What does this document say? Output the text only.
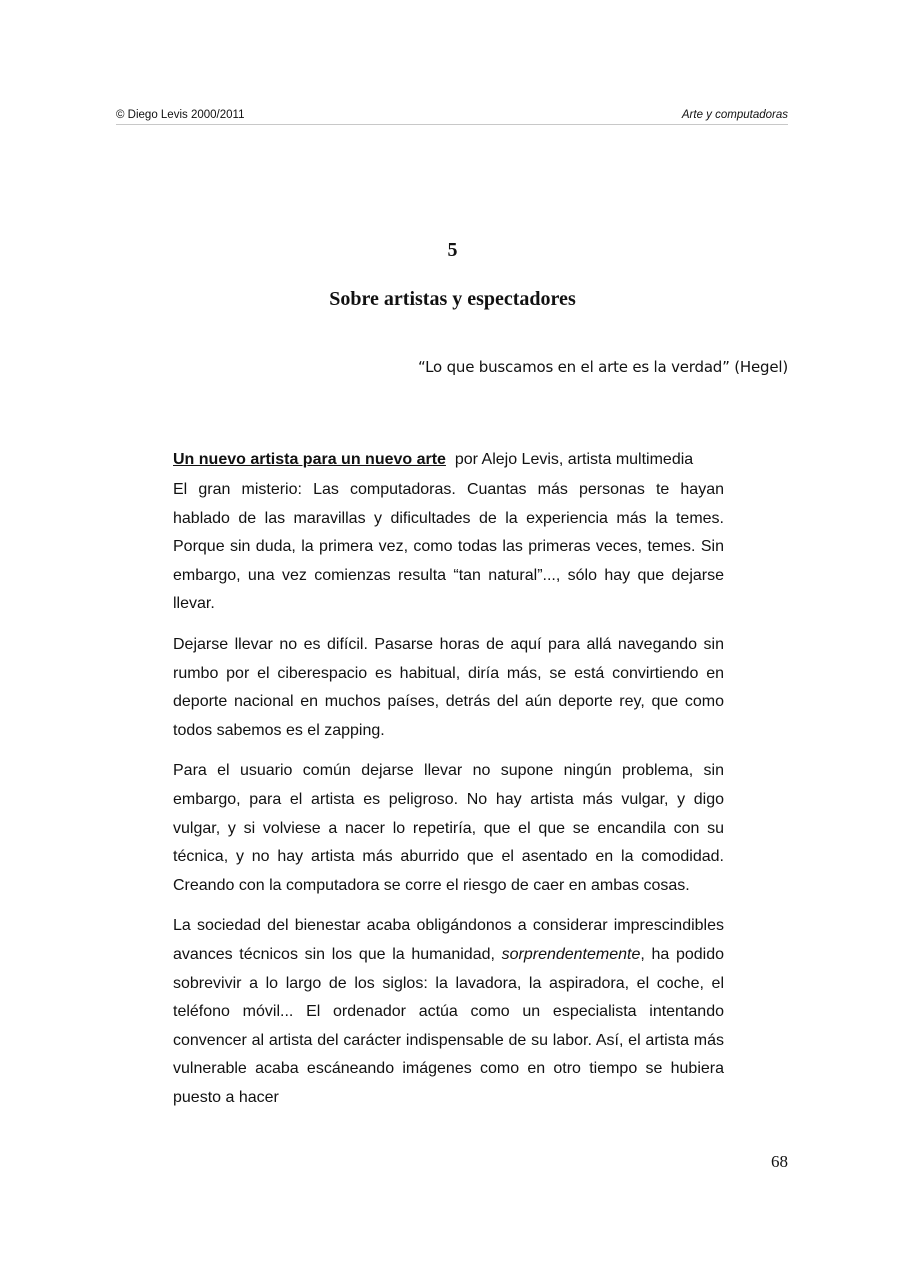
© Diego Levis 2000/2011	Arte y computadoras
5
Sobre artistas y espectadores
“Lo que buscamos en el arte es la verdad” (Hegel)
Un nuevo artista para un nuevo arte por Alejo Levis, artista multimedia

El gran misterio: Las computadoras. Cuantas más personas te hayan hablado de las maravillas y dificultades de la experiencia más la temes. Porque sin duda, la primera vez, como todas las primeras veces, temes. Sin embargo, una vez comienzas resulta “tan natural”..., sólo hay que dejarse llevar.

Dejarse llevar no es difícil. Pasarse horas de aquí para allá navegando sin rumbo por el ciberespacio es habitual, diría más, se está convirtiendo en deporte nacional en muchos países, detrás del aún deporte rey, que como todos sabemos es el zapping.

Para el usuario común dejarse llevar no supone ningún problema, sin embargo, para el artista es peligroso. No hay artista más vulgar, y digo vulgar, y si volviese a nacer lo repetiría, que el que se encandila con su técnica, y no hay artista más aburrido que el asentado en la comodidad. Creando con la computadora se corre el riesgo de caer en ambas cosas.

La sociedad del bienestar acaba obligándonos a considerar imprescindibles avances técnicos sin los que la humanidad, sorprendentemente, ha podido sobrevivir a lo largo de los siglos: la lavadora, la aspiradora, el coche, el teléfono móvil... El ordenador actúa como un especialista intentando convencer al artista del carácter indispensable de su labor. Así, el artista más vulnerable acaba escáneando imágenes como en otro tiempo se hubiera puesto a hacer

68
